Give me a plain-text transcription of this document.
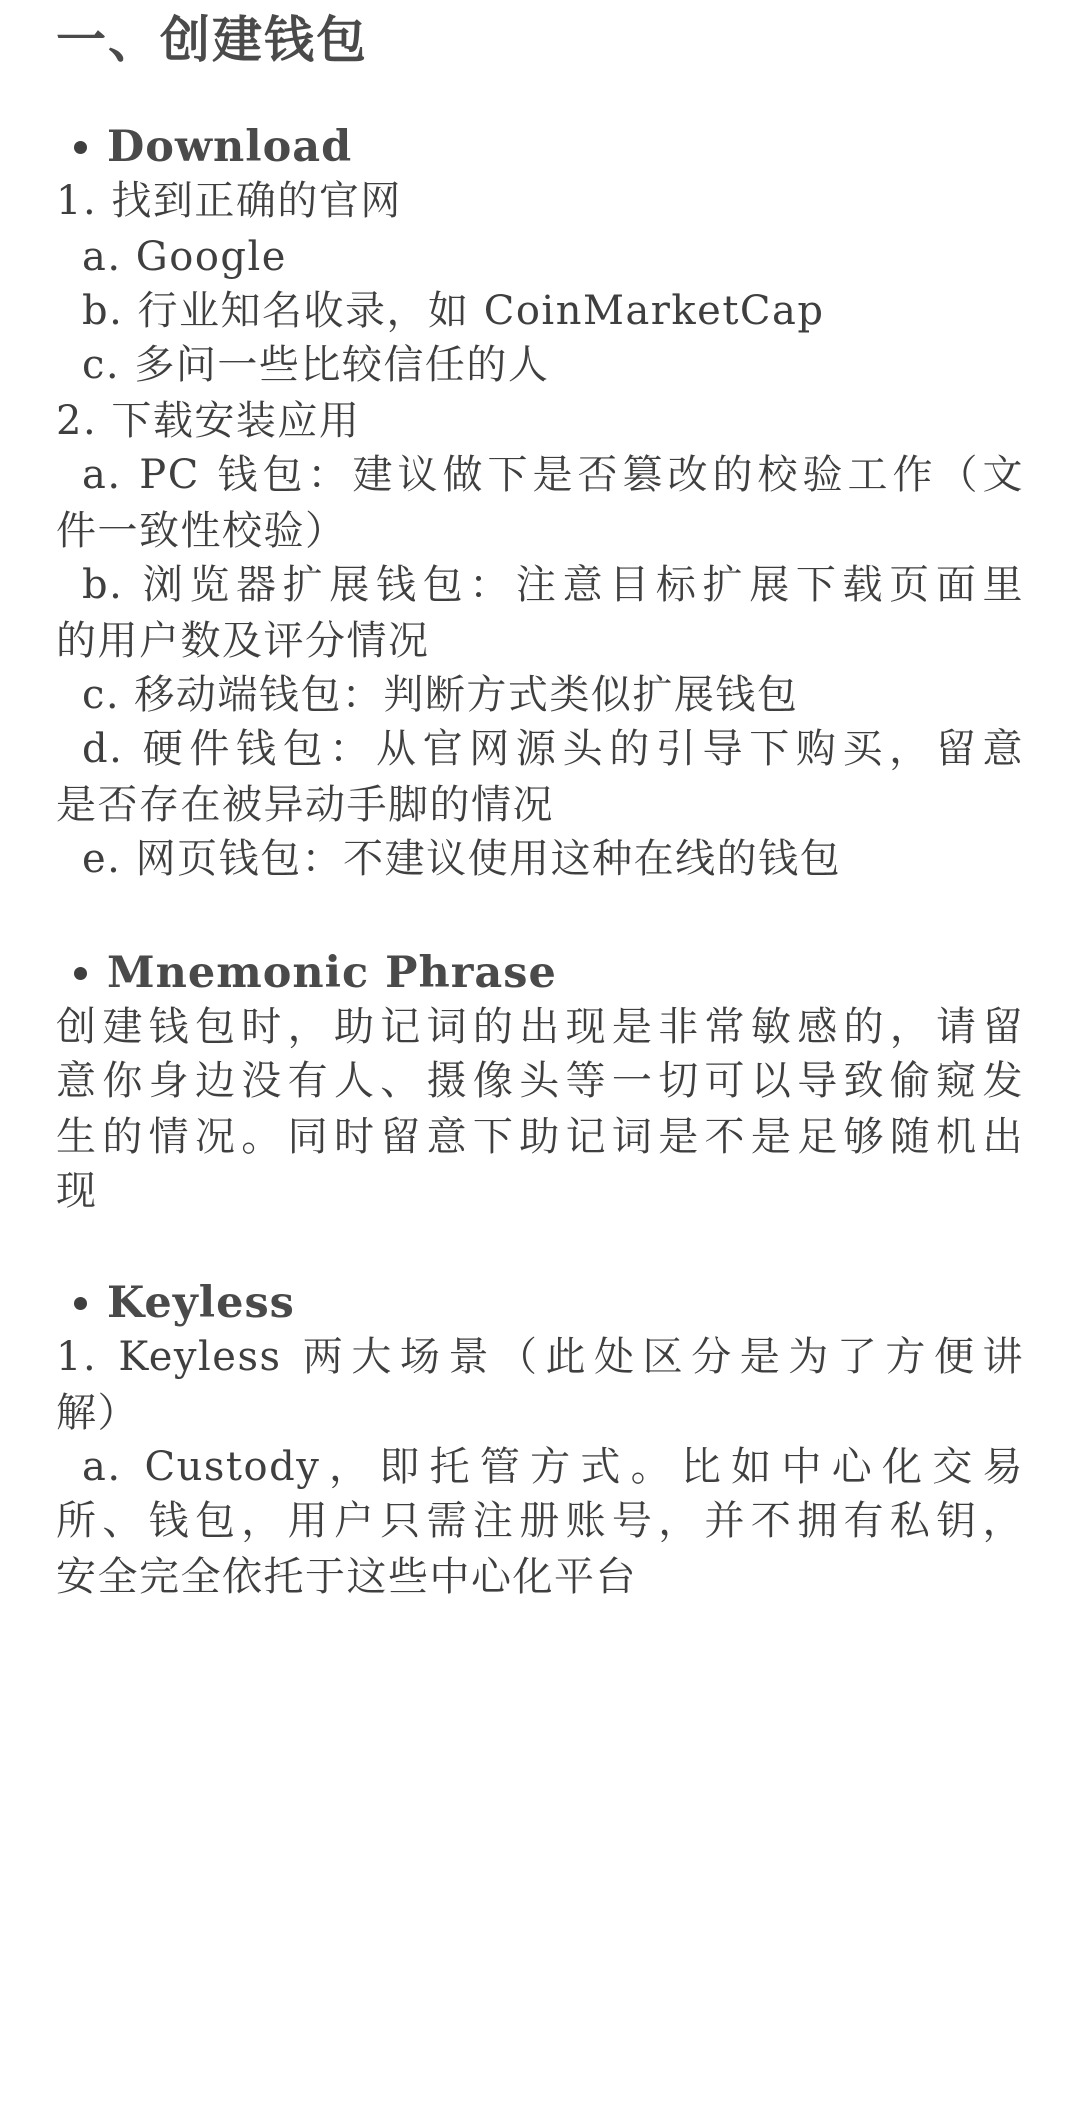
一、创建钱包
Download
1. 找到正确的官网
a. Google
b. 行业知名收录，如 CoinMarketCap
c. 多问一些比较信任的人
2. 下载安装应用
a. PC 钱包：建议做下是否篡改的校验工作（文
件一致性校验）
b. 浏览器扩展钱包：注意目标扩展下载页面里
的用户数及评分情况
c. 移动端钱包：判断方式类似扩展钱包
d. 硬件钱包：从官网源头的引导下购买，留意
是否存在被异动手脚的情况
e. 网页钱包：不建议使用这种在线的钱包
Mnemonic Phrase
创建钱包时，助记词的出现是非常敏感的，请留
意你身边没有人、摄像头等一切可以导致偷窥发
生的情况。同时留意下助记词是不是足够随机出
现
Keyless
1. Keyless 两大场景（此处区分是为了方便讲
解）
a. Custody，即托管方式。比如中心化交易
所、钱包，用户只需注册账号，并不拥有私钥，
安全完全依托于这些中心化平台
